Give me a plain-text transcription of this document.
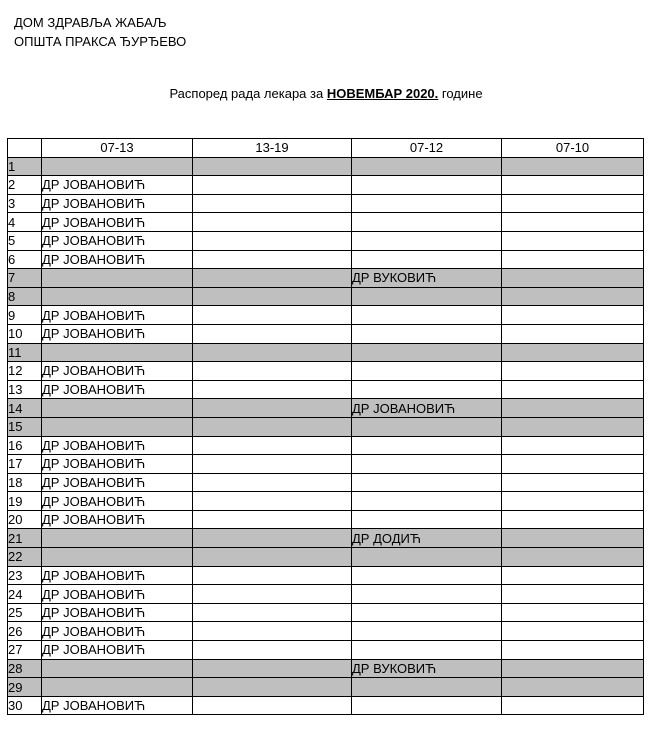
ДОМ ЗДРАВЉА ЖАБАЉ
ОПШТА ПРАКСА ЂУРЂЕВО
Распоред рада лекара за НОВЕМБАР 2020. године
	07-13	13-19	07-12	07-10
1				
2	ДР ЈОВАНОВИЋ			
3	ДР ЈОВАНОВИЋ			
4	ДР ЈОВАНОВИЋ			
5	ДР ЈОВАНОВИЋ			
6	ДР ЈОВАНОВИЋ			
7			ДР ВУКОВИЋ	
8				
9	ДР ЈОВАНОВИЋ			
10	ДР ЈОВАНОВИЋ			
11				
12	ДР ЈОВАНОВИЋ			
13	ДР ЈОВАНОВИЋ			
14			ДР ЈОВАНОВИЋ	
15				
16	ДР ЈОВАНОВИЋ			
17	ДР ЈОВАНОВИЋ			
18	ДР ЈОВАНОВИЋ			
19	ДР ЈОВАНОВИЋ			
20	ДР ЈОВАНОВИЋ			
21			ДР ДОДИЋ	
22				
23	ДР ЈОВАНОВИЋ			
24	ДР ЈОВАНОВИЋ			
25	ДР ЈОВАНОВИЋ			
26	ДР ЈОВАНОВИЋ			
27	ДР ЈОВАНОВИЋ			
28			ДР ВУКОВИЋ	
29				
30	ДР ЈОВАНОВИЋ			
